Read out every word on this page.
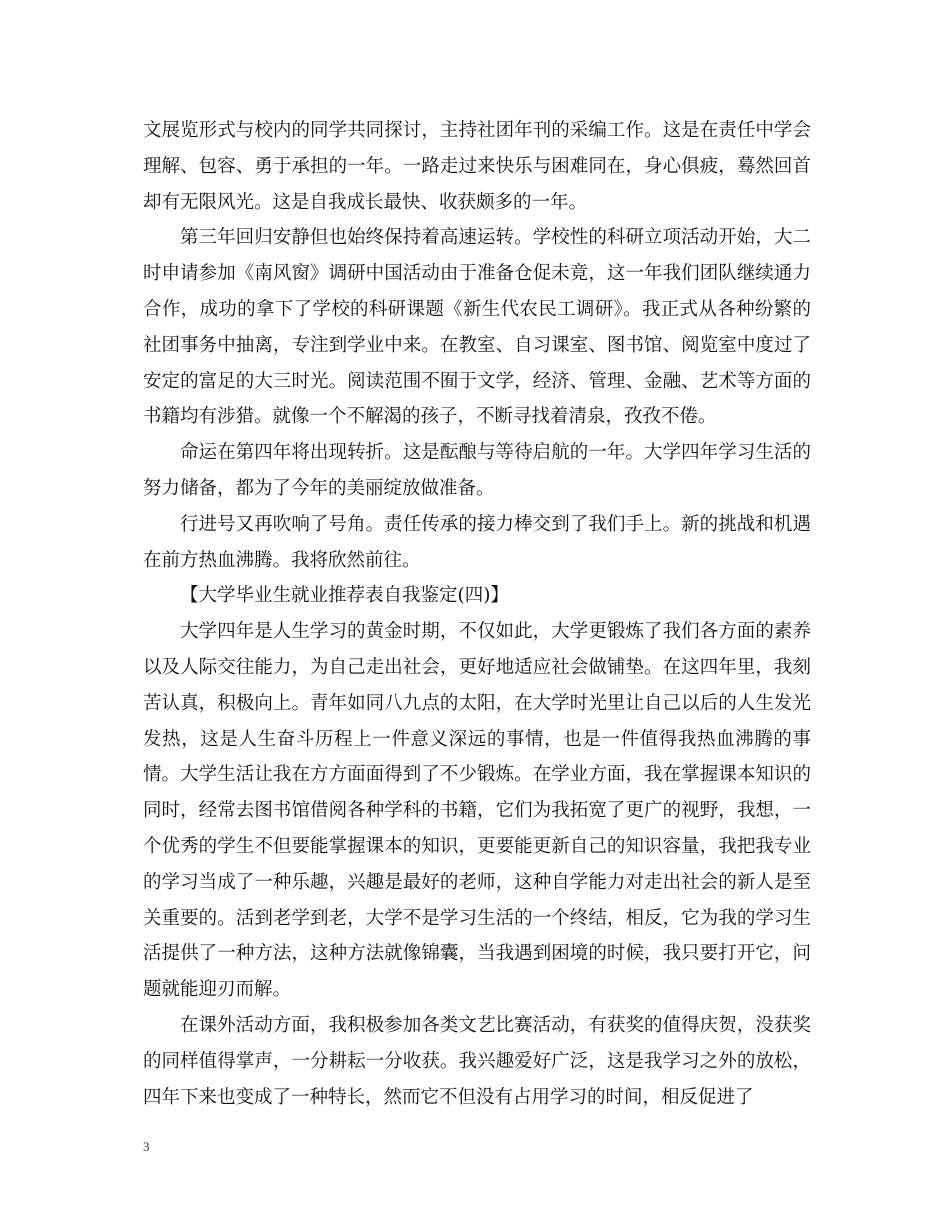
文展览形式与校内的同学共同探讨，主持社团年刊的采编工作。这是在责任中学会理解、包容、勇于承担的一年。一路走过来快乐与困难同在，身心俱疲，蓦然回首却有无限风光。这是自我成长最快、收获颇多的一年。

第三年回归安静但也始终保持着高速运转。学校性的科研立项活动开始，大二时申请参加《南风窗》调研中国活动由于准备仓促未竟，这一年我们团队继续通力合作，成功的拿下了学校的科研课题《新生代农民工调研》。我正式从各种纷繁的社团事务中抽离，专注到学业中来。在教室、自习课室、图书馆、阅览室中度过了安定的富足的大三时光。阅读范围不囿于文学，经济、管理、金融、艺术等方面的书籍均有涉猎。就像一个不解渴的孩子，不断寻找着清泉，孜孜不倦。

命运在第四年将出现转折。这是酝酿与等待启航的一年。大学四年学习生活的努力储备，都为了今年的美丽绽放做准备。

行进号又再吹响了号角。责任传承的接力棒交到了我们手上。新的挑战和机遇在前方热血沸腾。我将欣然前往。

【大学毕业生就业推荐表自我鉴定(四)】

大学四年是人生学习的黄金时期，不仅如此，大学更锻炼了我们各方面的素养以及人际交往能力，为自己走出社会，更好地适应社会做铺垫。在这四年里，我刻苦认真，积极向上。青年如同八九点的太阳，在大学时光里让自己以后的人生发光发热，这是人生奋斗历程上一件意义深远的事情，也是一件值得我热血沸腾的事情。大学生活让我在方方面面得到了不少锻炼。在学业方面，我在掌握课本知识的同时，经常去图书馆借阅各种学科的书籍，它们为我拓宽了更广的视野，我想，一个优秀的学生不但要能掌握课本的知识，更要能更新自己的知识容量，我把我专业的学习当成了一种乐趣，兴趣是最好的老师，这种自学能力对走出社会的新人是至关重要的。活到老学到老，大学不是学习生活的一个终结，相反，它为我的学习生活提供了一种方法，这种方法就像锦囊，当我遇到困境的时候，我只要打开它，问题就能迎刃而解。

在课外活动方面，我积极参加各类文艺比赛活动，有获奖的值得庆贺，没获奖的同样值得掌声，一分耕耘一分收获。我兴趣爱好广泛，这是我学习之外的放松，四年下来也变成了一种特长，然而它不但没有占用学习的时间，相反促进了

3
